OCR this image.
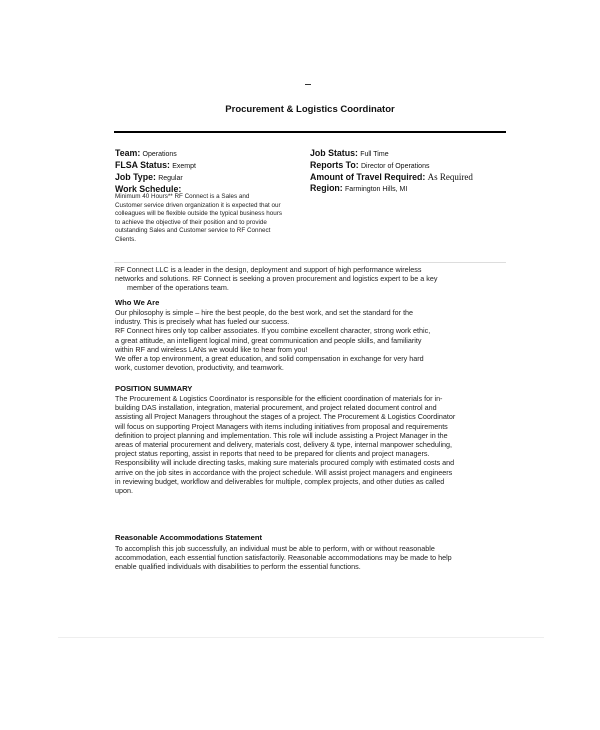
Procurement & Logistics Coordinator
Team: Operations
FLSA Status: Exempt
Job Type: Regular
Work Schedule:
Minimum 40 Hours** RF Connect is a Sales and
Customer service driven organization it is expected that our
colleagues will be flexible outside the typical business hours
to achieve the objective of their position and to provide
outstanding Sales and Customer service to RF Connect
Clients.
Job Status: Full Time
Reports To: Director of Operations
Amount of Travel Required: As Required
Region: Farmington Hills, MI
RF Connect LLC is a leader in the design, deployment and support of high performance wireless
networks and solutions. RF Connect is seeking a proven procurement and logistics expert to be a key
member of the operations team.
Who We Are
Our philosophy is simple – hire the best people, do the best work, and set the standard for the
industry. This is precisely what has fueled our success.
RF Connect hires only top caliber associates. If you combine excellent character, strong work ethic,
a great attitude, an intelligent logical mind, great communication and people skills, and familiarity
within RF and wireless LANs we would like to hear from you!
We offer a top environment, a great education, and solid compensation in exchange for very hard
work, customer devotion, productivity, and teamwork.
POSITION SUMMARY
The Procurement & Logistics Coordinator is responsible for the efficient coordination of materials for in-
building DAS installation, integration, material procurement, and project related document control and
assisting all Project Managers throughout the stages of a project. The Procurement & Logistics Coordinator
will focus on supporting Project Managers with items including initiatives from proposal and requirements
definition to project planning and implementation. This role will include assisting a Project Manager in the
areas of material procurement and delivery, materials cost, delivery & type, internal manpower scheduling,
project status reporting, assist in reports that need to be prepared for clients and project managers.
Responsibility will include directing tasks, making sure materials procured comply with estimated costs and
arrive on the job sites in accordance with the project schedule. Will assist project managers and engineers
in reviewing budget, workflow and deliverables for multiple, complex projects, and other duties as called
upon.
Reasonable Accommodations Statement
To accomplish this job successfully, an individual must be able to perform, with or without reasonable
accommodation, each essential function satisfactorily. Reasonable accommodations may be made to help
enable qualified individuals with disabilities to perform the essential functions.
